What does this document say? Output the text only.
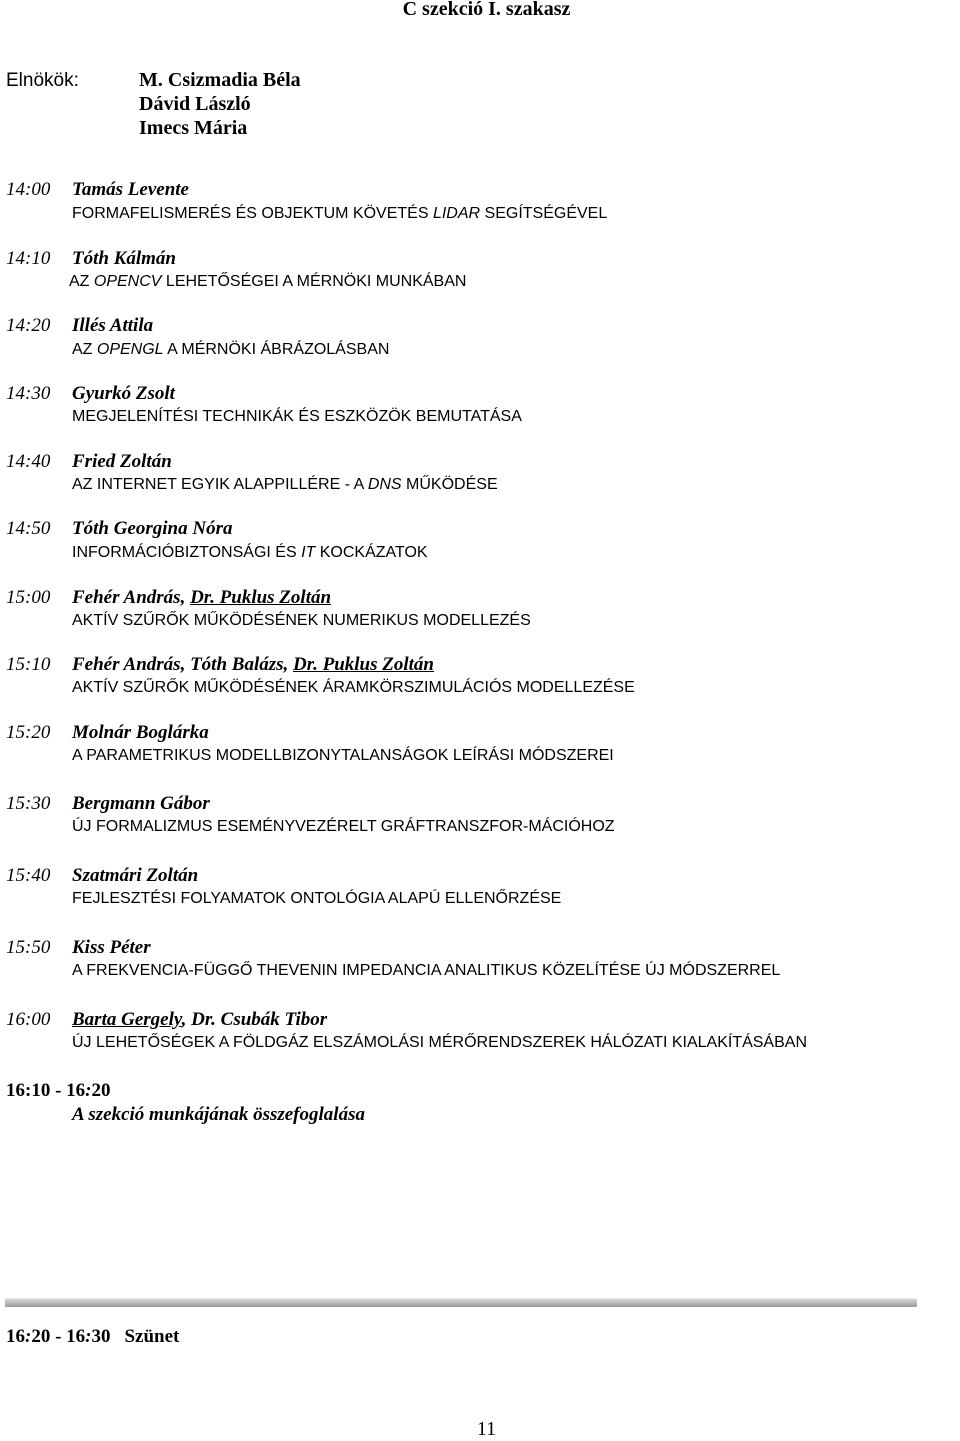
C szekció I. szakasz
Elnökök:	M. Csizmadia Béla
Dávid László
Imecs Mária
14:00 Tamás Levente
FORMAFELISMERÉS ÉS OBJEKTUM KÖVETÉS LIDAR SEGÍTSÉGÉVEL
14:10 Tóth Kálmán
AZ OPENCV LEHETŐSÉGEI A MÉRNÖKI MUNKÁBAN
14:20 Illés Attila
AZ OPENGL A MÉRNÖKI ÁBRÁZOLÁSBAN
14:30 Gyurkó Zsolt
MEGJELENÍTÉSI TECHNIKÁK ÉS ESZKÖZÖK BEMUTATÁSA
14:40 Fried Zoltán
AZ INTERNET EGYIK ALAPPILLÉRE - A DNS MŰKÖDÉSE
14:50 Tóth Georgina Nóra
INFORMÁCIÓBIZTONSÁGI ÉS IT KOCKÁZATOK
15:00 Fehér András, Dr. Puklus Zoltán
AKTÍV SZŰRŐK MŰKÖDÉSÉNEK NUMERIKUS MODELLEZÉS
15:10 Fehér András, Tóth Balázs, Dr. Puklus Zoltán
AKTÍV SZŰRŐK MŰKÖDÉSÉNEK ÁRAMKÖRSZIMULÁCIÓS MODELLEZÉSE
15:20 Molnár Boglárka
A PARAMETRIKUS MODELLBIZONYTALANSÁGOK LEÍRÁSI MÓDSZEREI
15:30 Bergmann Gábor
ÚJ FORMALIZMUS ESEMÉNYVEZÉRELT GRÁFTRANSZFOR-MÁCIÓHOZ
15:40 Szatmári Zoltán
FEJLESZTÉSI FOLYAMATOK ONTOLÓGIA ALAPÚ ELLENŐRZÉSE
15:50 Kiss Péter
A FREKVENCIA-FÜGGŐ THEVENIN IMPEDANCIA ANALITIKUS KÖZELÍTÉSE ÚJ MÓDSZERREL
16:00 Barta Gergely, Dr. Csubák Tibor
ÚJ LEHETŐSÉGEK A FÖLDGÁZ ELSZÁMOLÁSI MÉRŐRENDSZEREK HÁLÓZATI KIALAKÍTÁSÁBAN
16:10 - 16:20
A szekció munkájának összefoglalása
16:20 - 16:30 Szünet
11
